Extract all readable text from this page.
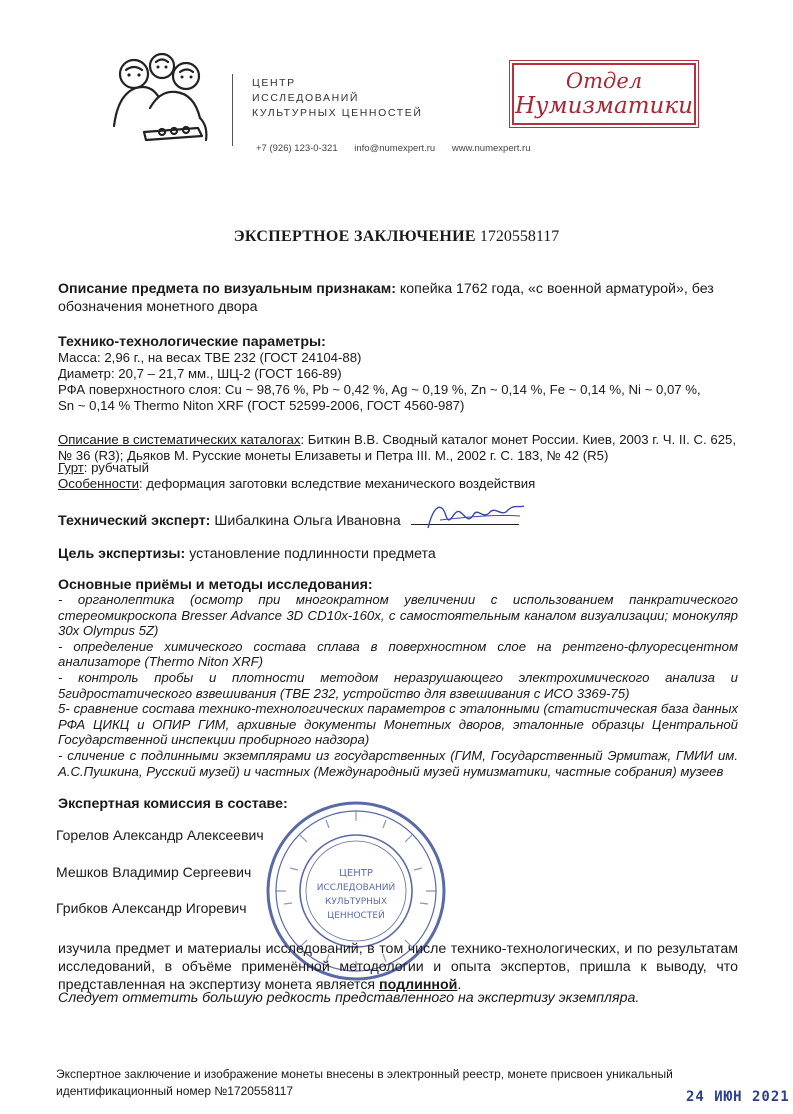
ЦЕНТР
ИССЛЕДОВАНИЙ
КУЛЬТУРНЫХ ЦЕННОСТЕЙ
+7 (926) 123-0-321 info@numexpert.ru www.numexpert.ru
Отдел
Нумизматики
ЭКСПЕРТНОЕ ЗАКЛЮЧЕНИЕ 1720558117
Описание предмета по визуальным признакам: копейка 1762 года, «с военной арматурой», без обозначения монетного двора
Технико-технологические параметры:
Масса: 2,96 г., на весах ТВЕ 232 (ГОСТ 24104-88)
Диаметр: 20,7 – 21,7 мм., ШЦ-2 (ГОСТ 166-89)
РФА поверхностного слоя: Cu ~ 98,76 %, Pb ~ 0,42 %, Ag ~ 0,19 %, Zn ~ 0,14 %, Fe ~ 0,14 %, Ni ~ 0,07 %,
Sn ~ 0,14 % Thermo Niton XRF (ГОСТ 52599-2006, ГОСТ 4560-987)
Описание в систематических каталогах: Биткин В.В. Сводный каталог монет России. Киев, 2003 г. Ч. II. С. 625, № 36 (R3); Дьяков М. Русские монеты Елизаветы и Петра III. М., 2002 г. С. 183, № 42 (R5)
Гурт: рубчатый
Особенности: деформация заготовки вследствие механического воздействия
Технический эксперт: Шибалкина Ольга Ивановна
Цель экспертизы: установление подлинности предмета
Основные приёмы и методы исследования:
- органолептика (осмотр при многократном увеличении с использованием панкратического стереомикроскопа Bresser Advance 3D CD10x-160x, с самостоятельным каналом визуализации; монокуляр 30x Olympus 5Z)
- определение химического состава сплава в поверхностном слое на рентгено-флуоресцентном анализаторе (Thermo Niton XRF)
- контроль пробы и плотности методом неразрушающего электрохимического анализа и 5гидростатического взвешивания (ТВЕ 232, устройство для взвешивания с ИСО 3369-75)
5- сравнение состава технико-технологических параметров с эталонными (статистическая база данных РФА ЦИКЦ и ОПИР ГИМ, архивные документы Монетных дворов, эталонные образцы Центральной Государственной инспекции пробирного надзора)
- сличение с подлинными экземплярами из государственных (ГИМ, Государственный Эрмитаж, ГМИИ им. А.С.Пушкина, Русский музей) и частных (Международный музей нумизматики, частные собрания) музеев
Экспертная комиссия в составе:
Горелов Александр Алексеевич
Мешков Владимир Сергеевич
Грибков Александр Игоревич
ЦЕНТР
ИССЛЕДОВАНИЙ
КУЛЬТУРНЫХ
ЦЕННОСТЕЙ
изучила предмет и материалы исследований, в том числе технико-технологических, и по результатам исследований, в объёме применённой методологии и опыта экспертов, пришла к выводу, что представленная на экспертизу монета является подлинной.
Следует отметить большую редкость представленного на экспертизу экземпляра.
Экспертное заключение и изображение монеты внесены в электронный реестр, монете присвоен уникальный
идентификационный номер №1720558117	24 ИЮН 2021
